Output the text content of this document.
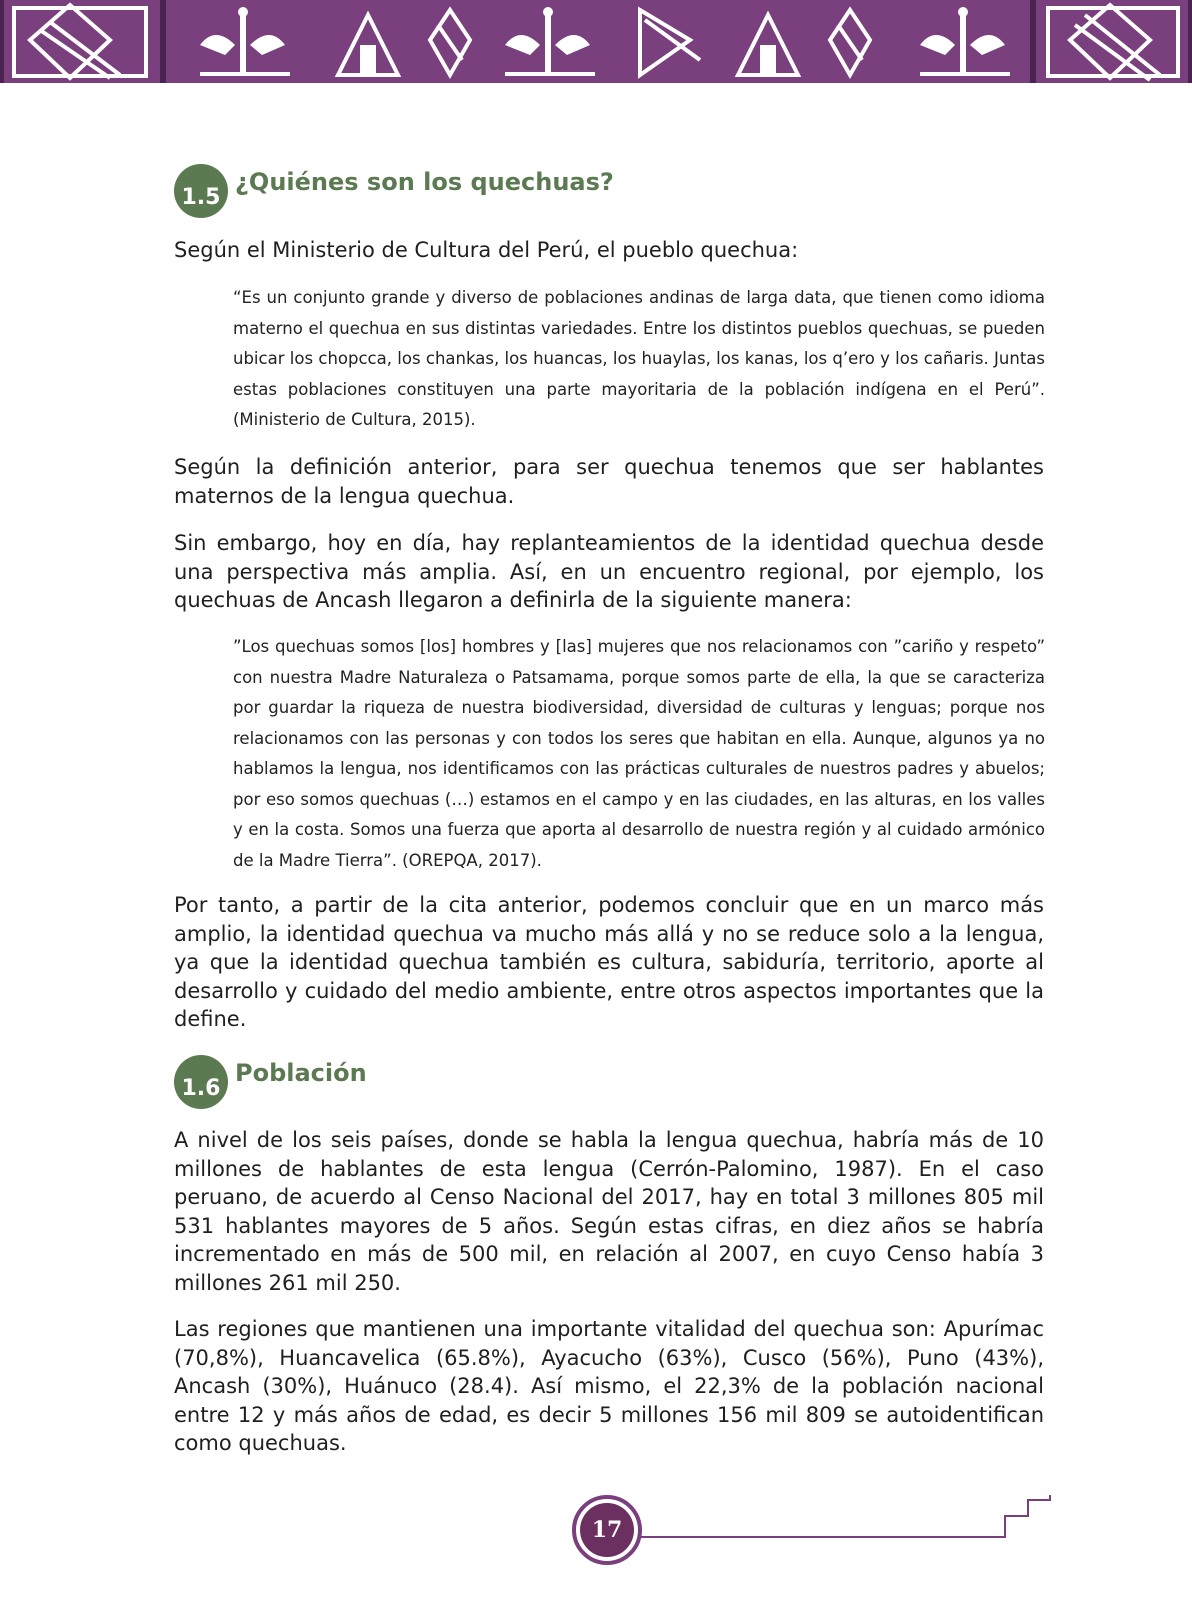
1.5
¿Quiénes son los quechuas?

Según el Ministerio de Cultura del Perú, el pueblo quechua:

“Es un conjunto grande y diverso de poblaciones andinas de larga data, que tienen como idioma materno el quechua en sus distintas variedades. Entre los distintos pueblos quechuas, se pueden ubicar los chopcca, los chankas, los huancas, los huaylas, los kanas, los q’ero y los cañaris. Juntas estas poblaciones constituyen una parte mayoritaria de la población indígena en el Perú”. (Ministerio de Cultura, 2015).

Según la definición anterior, para ser quechua tenemos que ser hablantes maternos de la lengua quechua.

Sin embargo, hoy en día, hay replanteamientos de la identidad quechua desde una perspectiva más amplia. Así, en un encuentro regional, por ejemplo, los quechuas de Ancash llegaron a definirla de la siguiente manera:

”Los quechuas somos [los] hombres y [las] mujeres que nos relacionamos con ”cariño y respeto” con nuestra Madre Naturaleza o Patsamama, porque somos parte de ella, la que se caracteriza por guardar la riqueza de nuestra biodiversidad, diversidad de culturas y lenguas; porque nos relacionamos con las personas y con todos los seres que habitan en ella. Aunque, algunos ya no hablamos la lengua, nos identificamos con las prácticas culturales de nuestros padres y abuelos; por eso somos quechuas (…) estamos en el campo y en las ciudades, en las alturas, en los valles y en la costa. Somos una fuerza que aporta al desarrollo de nuestra región y al cuidado armónico de la Madre Tierra”. (OREPQA, 2017).

Por tanto, a partir de la cita anterior, podemos concluir que en un marco más amplio, la identidad quechua va mucho más allá y no se reduce solo a la lengua, ya que la identidad quechua también es cultura, sabiduría, territorio, aporte al desarrollo y cuidado del medio ambiente, entre otros aspectos importantes que la define.

1.6
Población

A nivel de los seis países, donde se habla la lengua quechua, habría más de 10 millones de hablantes de esta lengua (Cerrón-Palomino, 1987). En el caso peruano, de acuerdo al Censo Nacional del 2017, hay en total 3 millones 805 mil 531 hablantes mayores de 5 años. Según estas cifras, en diez años se habría incrementado en más de 500 mil, en relación al 2007, en cuyo Censo había 3 millones 261 mil 250.

Las regiones que mantienen una importante vitalidad del quechua son: Apurímac (70,8%), Huancavelica (65.8%), Ayacucho (63%), Cusco (56%), Puno (43%), Ancash (30%), Huánuco (28.4). Así mismo, el 22,3% de la población nacional entre 12 y más años de edad, es decir 5 millones 156 mil 809 se autoidentifican como quechuas.

17
